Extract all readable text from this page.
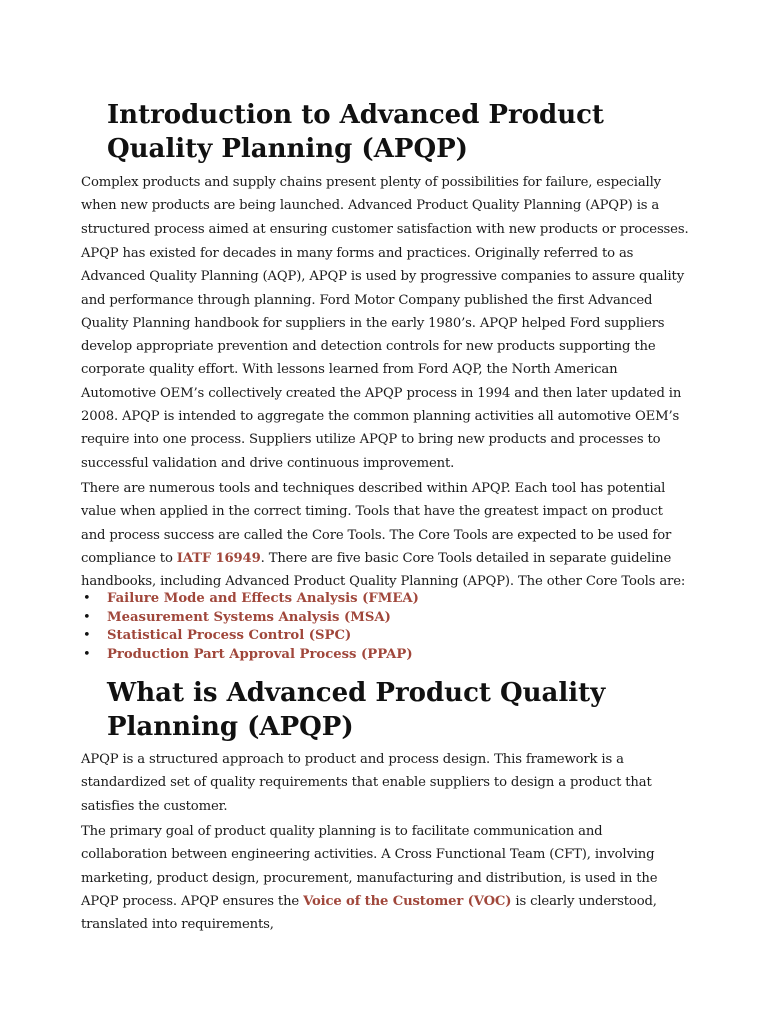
Introduction to Advanced Product Quality Planning (APQP)

Complex products and supply chains present plenty of possibilities for failure, especially when new products are being launched. Advanced Product Quality Planning (APQP) is a structured process aimed at ensuring customer satisfaction with new products or processes.

APQP has existed for decades in many forms and practices. Originally referred to as Advanced Quality Planning (AQP), APQP is used by progressive companies to assure quality and performance through planning. Ford Motor Company published the first Advanced Quality Planning handbook for suppliers in the early 1980’s. APQP helped Ford suppliers develop appropriate prevention and detection controls for new products supporting the corporate quality effort. With lessons learned from Ford AQP, the North American Automotive OEM’s collectively created the APQP process in 1994 and then later updated in 2008. APQP is intended to aggregate the common planning activities all automotive OEM’s require into one process. Suppliers utilize APQP to bring new products and processes to successful validation and drive continuous improvement.

There are numerous tools and techniques described within APQP. Each tool has potential value when applied in the correct timing. Tools that have the greatest impact on product and process success are called the Core Tools. The Core Tools are expected to be used for compliance to IATF 16949. There are five basic Core Tools detailed in separate guideline handbooks, including Advanced Product Quality Planning (APQP). The other Core Tools are:

• Failure Mode and Effects Analysis (FMEA)
• Measurement Systems Analysis (MSA)
• Statistical Process Control (SPC)
• Production Part Approval Process (PPAP)
What is Advanced Product Quality Planning (APQP)

APQP is a structured approach to product and process design. This framework is a standardized set of quality requirements that enable suppliers to design a product that satisfies the customer.

The primary goal of product quality planning is to facilitate communication and collaboration between engineering activities. A Cross Functional Team (CFT), involving marketing, product design, procurement, manufacturing and distribution, is used in the APQP process. APQP ensures the Voice of the Customer (VOC) is clearly understood, translated into requirements,
